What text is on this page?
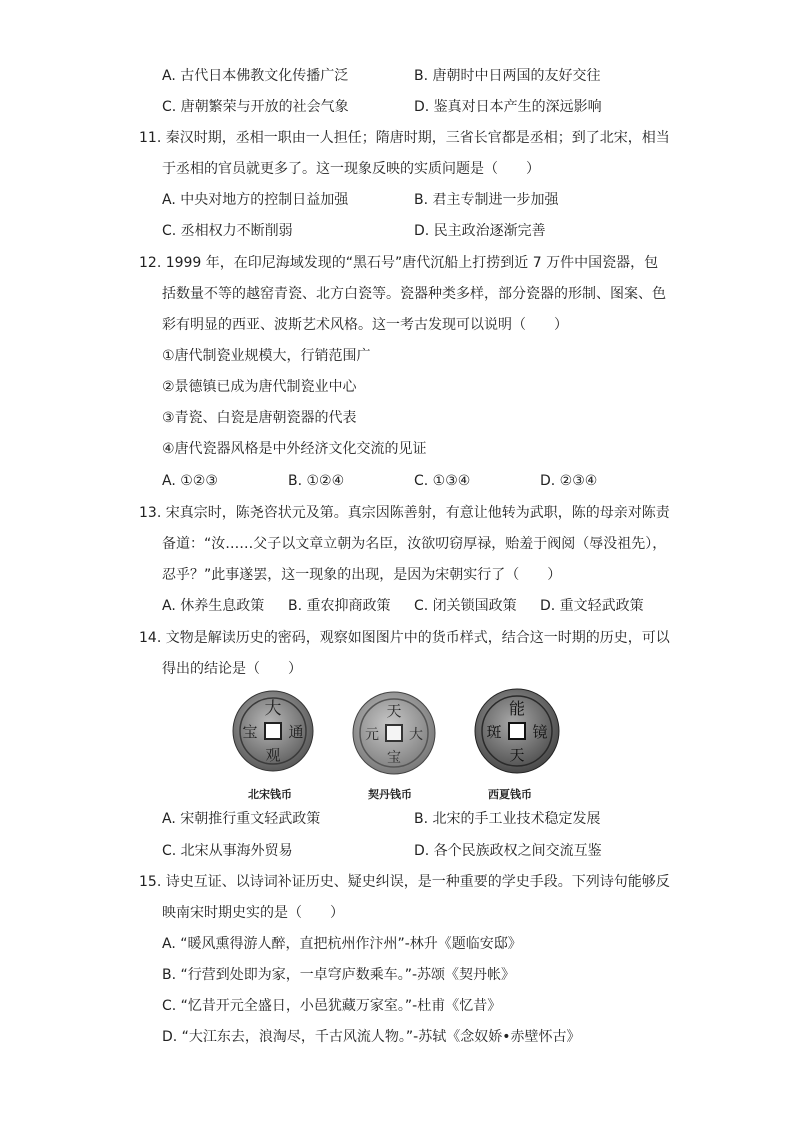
A. 古代日本佛教文化传播广泛	B. 唐朝时中日两国的友好交往
C. 唐朝繁荣与开放的社会气象	D. 鉴真对日本产生的深远影响
11. 秦汉时期，丞相一职由一人担任；隋唐时期，三省长官都是丞相；到了北宋，相当
于丞相的官员就更多了。这一现象反映的实质问题是（　　）
A. 中央对地方的控制日益加强	B. 君主专制进一步加强
C. 丞相权力不断削弱	D. 民主政治逐渐完善
12. 1999 年，在印尼海域发现的“黑石号”唐代沉船上打捞到近 7 万件中国瓷器，包
括数量不等的越窑青瓷、北方白瓷等。瓷器种类多样，部分瓷器的形制、图案、色
彩有明显的西亚、波斯艺术风格。这一考古发现可以说明（　　）
①唐代制瓷业规模大，行销范围广
②景德镇已成为唐代制瓷业中心
③青瓷、白瓷是唐朝瓷器的代表
④唐代瓷器风格是中外经济文化交流的见证
A. ①②③	B. ①②④	C. ①③④	D. ②③④
13. 宋真宗时，陈尧咨状元及第。真宗因陈善射，有意让他转为武职，陈的母亲对陈责
备道：“汝……父子以文章立朝为名臣，汝欲叨窃厚禄，贻羞于阀阅（辱没祖先），
忍乎？”此事遂罢，这一现象的出现，是因为宋朝实行了（　　）
A. 休养生息政策 B. 重农抑商政策 C. 闭关锁国政策 D. 重文轻武政策
14. 文物是解读历史的密码，观察如图图片中的货币样式，结合这一时期的历史，可以
得出的结论是（　　）
大
通
观
宝
北宋钱币
天
元
宝
大
契丹钱币
能
镜
斑
天
西夏钱币
A. 宋朝推行重文轻武政策	B. 北宋的手工业技术稳定发展
C. 北宋从事海外贸易	D. 各个民族政权之间交流互鉴
15. 诗史互证、以诗词补证历史、疑史纠误，是一种重要的学史手段。下列诗句能够反
映南宋时期史实的是（　　）
A. “暖风熏得游人醉，直把杭州作汴州”-林升《题临安邸》
B. “行营到处即为家，一卓穹庐数乘车。”-苏颂《契丹帐》
C. “忆昔开元全盛日，小邑犹藏万家室。”-杜甫《忆昔》
D. “大江东去，浪淘尽，千古风流人物。”-苏轼《念奴娇•赤壁怀古》
